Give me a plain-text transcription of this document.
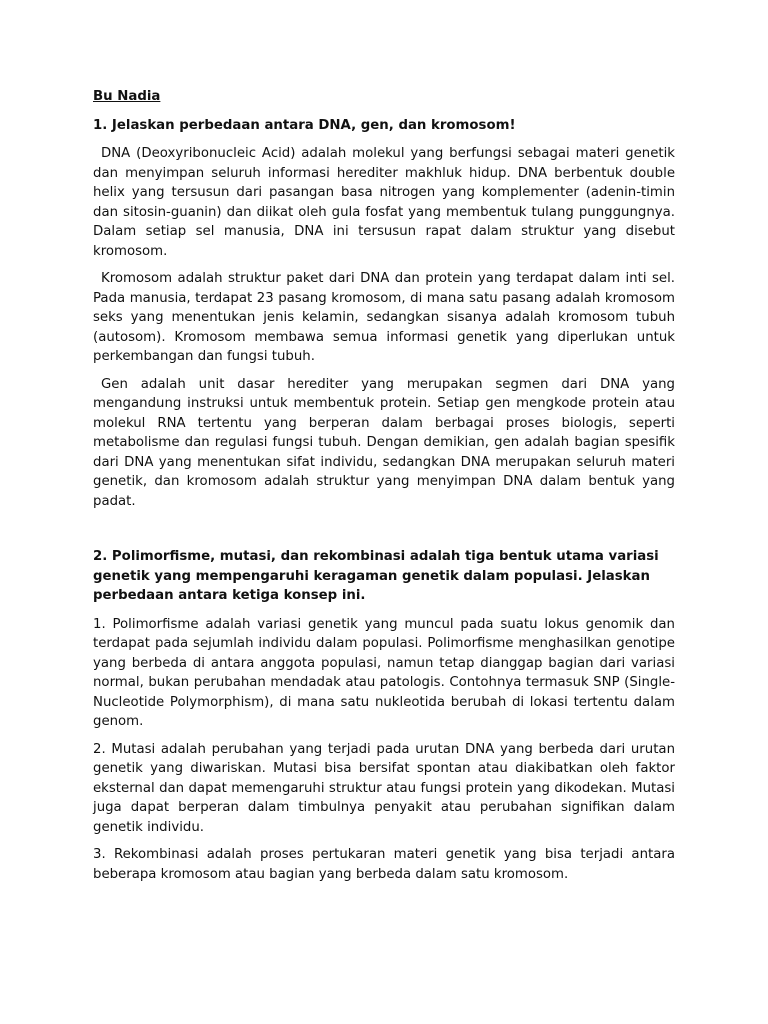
Bu Nadia

1. Jelaskan perbedaan antara DNA, gen, dan kromosom!

DNA (Deoxyribonucleic Acid) adalah molekul yang berfungsi sebagai materi genetik dan menyimpan seluruh informasi herediter makhluk hidup. DNA berbentuk double helix yang tersusun dari pasangan basa nitrogen yang komplementer (adenin-timin dan sitosin-guanin) dan diikat oleh gula fosfat yang membentuk tulang punggungnya. Dalam setiap sel manusia, DNA ini tersusun rapat dalam struktur yang disebut kromosom.

Kromosom adalah struktur paket dari DNA dan protein yang terdapat dalam inti sel. Pada manusia, terdapat 23 pasang kromosom, di mana satu pasang adalah kromosom seks yang menentukan jenis kelamin, sedangkan sisanya adalah kromosom tubuh (autosom). Kromosom membawa semua informasi genetik yang diperlukan untuk perkembangan dan fungsi tubuh.

Gen adalah unit dasar herediter yang merupakan segmen dari DNA yang mengandung instruksi untuk membentuk protein. Setiap gen mengkode protein atau molekul RNA tertentu yang berperan dalam berbagai proses biologis, seperti metabolisme dan regulasi fungsi tubuh. Dengan demikian, gen adalah bagian spesifik dari DNA yang menentukan sifat individu, sedangkan DNA merupakan seluruh materi genetik, dan kromosom adalah struktur yang menyimpan DNA dalam bentuk yang padat.

2. Polimorfisme, mutasi, dan rekombinasi adalah tiga bentuk utama variasi genetik yang mempengaruhi keragaman genetik dalam populasi. Jelaskan perbedaan antara ketiga konsep ini.

1. Polimorfisme adalah variasi genetik yang muncul pada suatu lokus genomik dan terdapat pada sejumlah individu dalam populasi. Polimorfisme menghasilkan genotipe yang berbeda di antara anggota populasi, namun tetap dianggap bagian dari variasi normal, bukan perubahan mendadak atau patologis. Contohnya termasuk SNP (Single-Nucleotide Polymorphism), di mana satu nukleotida berubah di lokasi tertentu dalam genom.

2. Mutasi adalah perubahan yang terjadi pada urutan DNA yang berbeda dari urutan genetik yang diwariskan. Mutasi bisa bersifat spontan atau diakibatkan oleh faktor eksternal dan dapat memengaruhi struktur atau fungsi protein yang dikodekan. Mutasi juga dapat berperan dalam timbulnya penyakit atau perubahan signifikan dalam genetik individu.

3. Rekombinasi adalah proses pertukaran materi genetik yang bisa terjadi antara beberapa kromosom atau bagian yang berbeda dalam satu kromosom.
